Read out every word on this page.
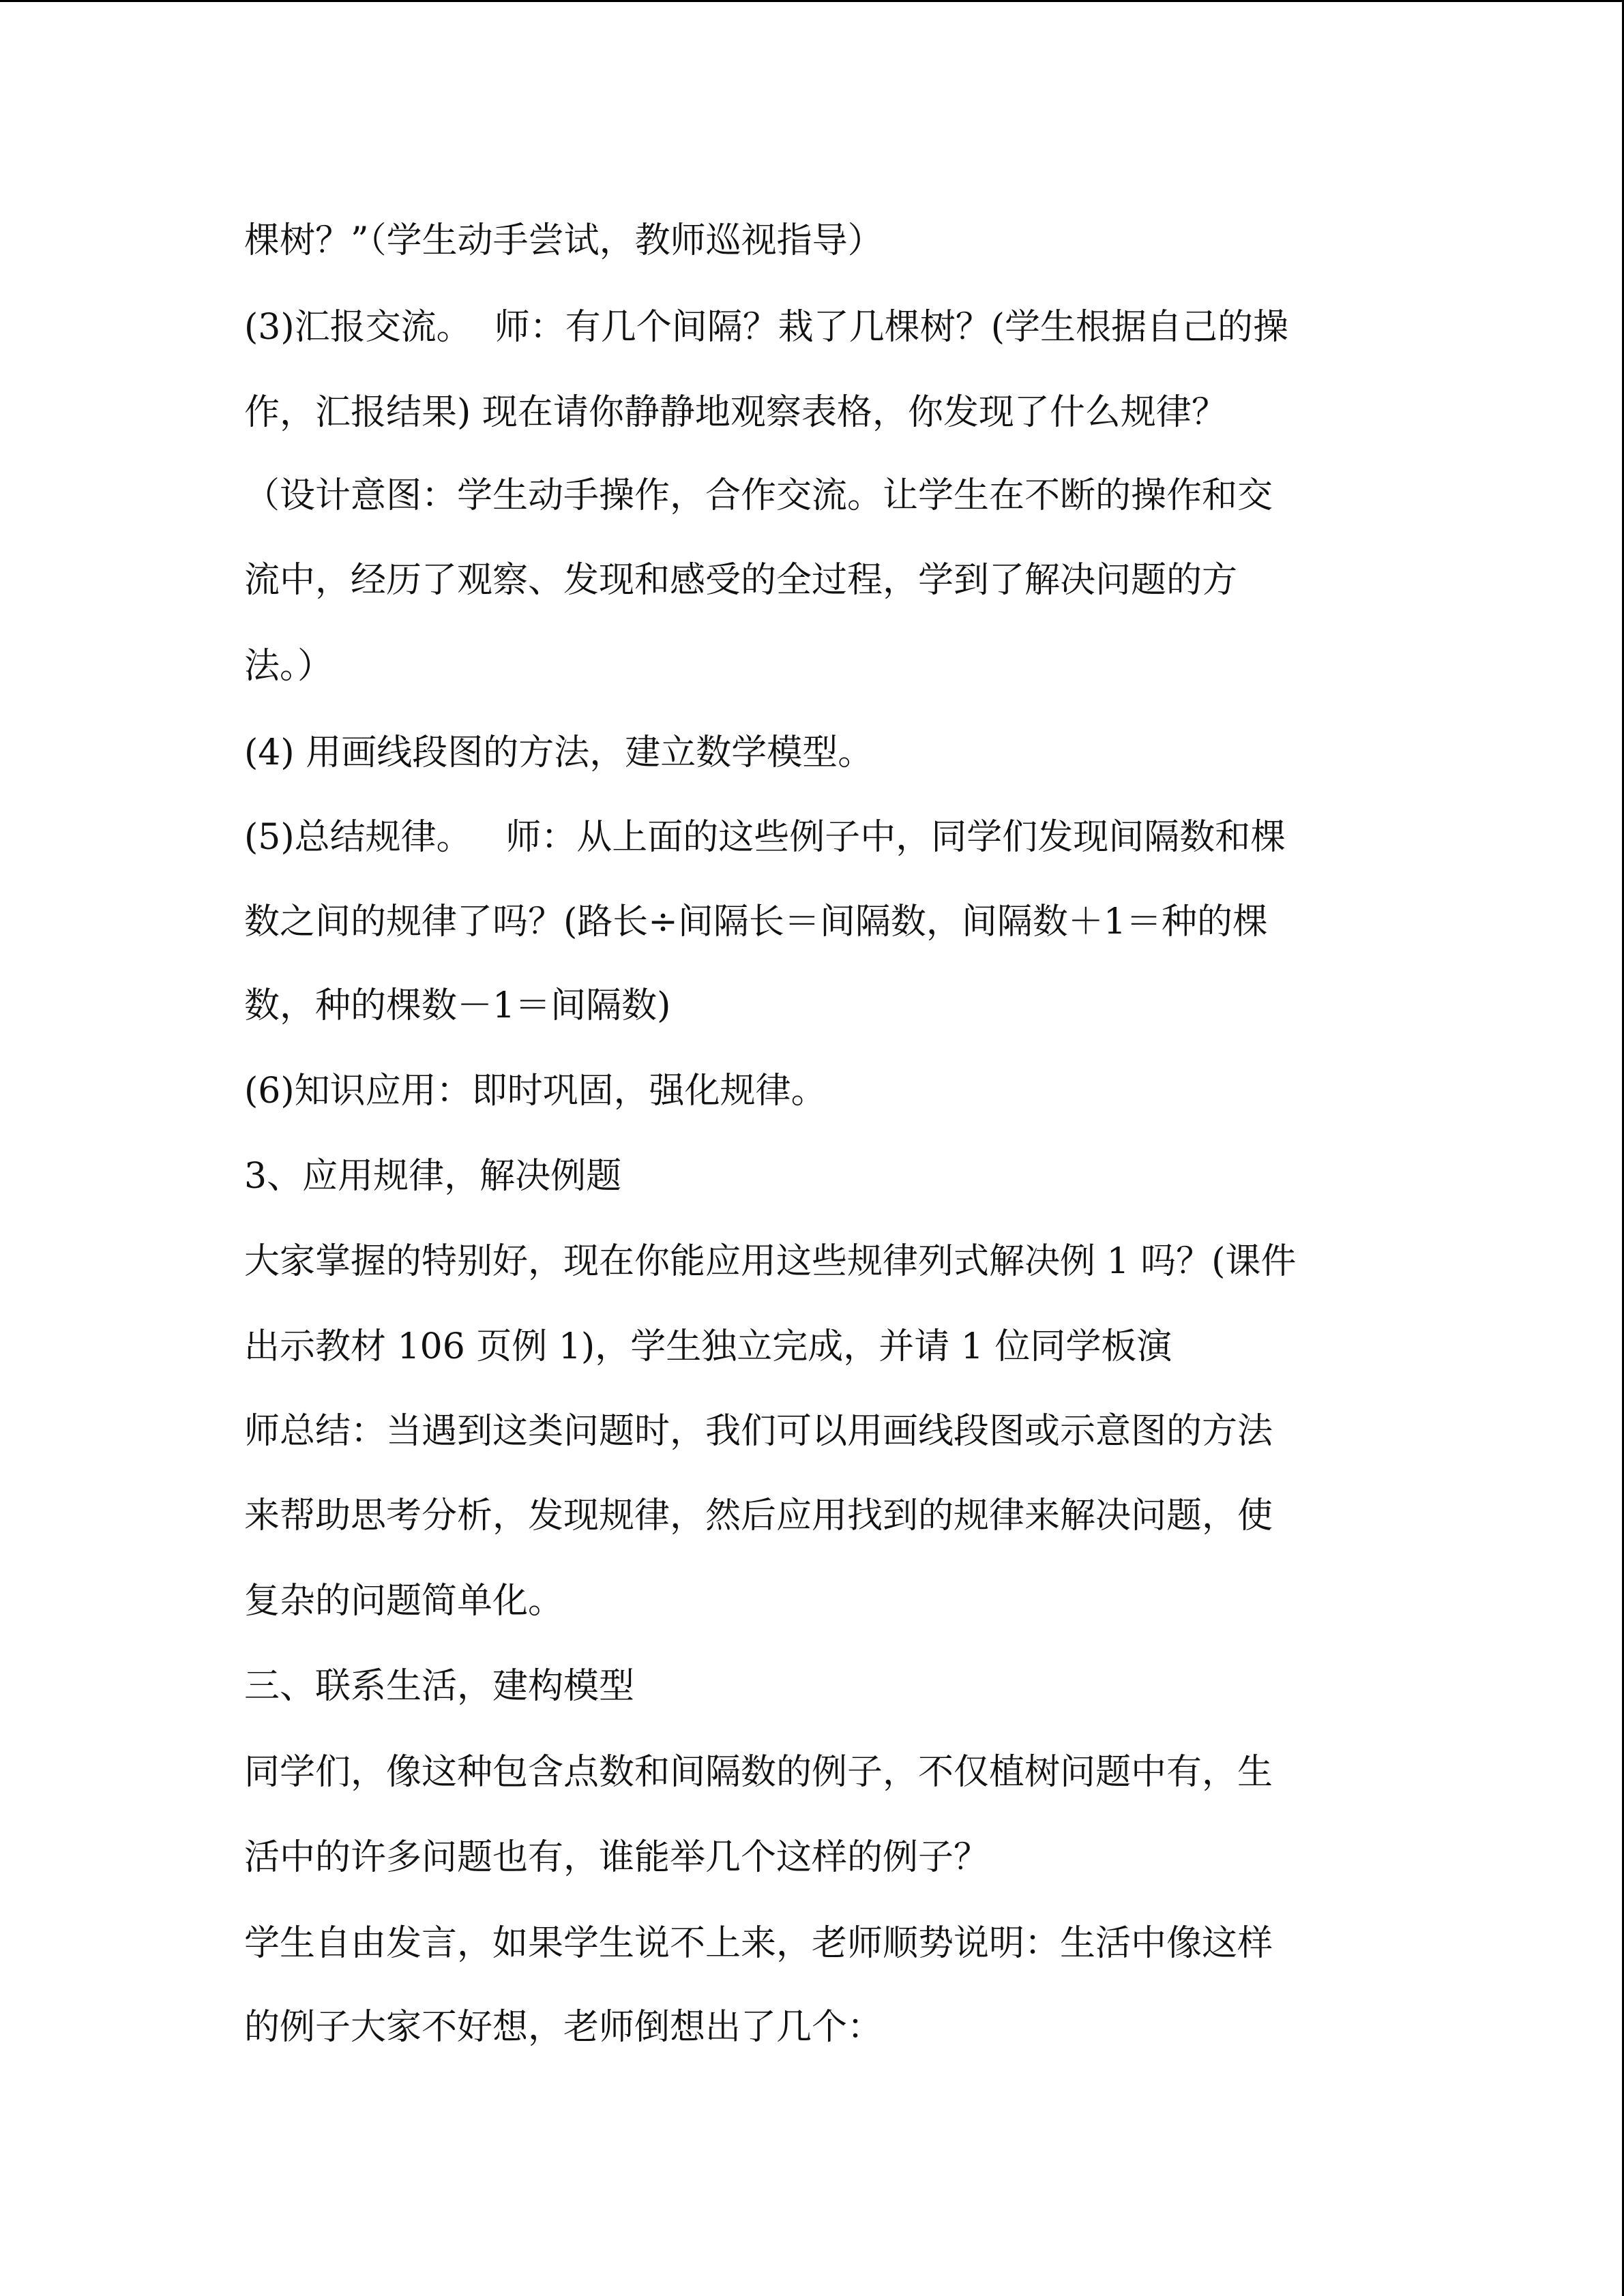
棵树？”（学生动手尝试，教师巡视指导）
(3)汇报交流。  师：有几个间隔？栽了几棵树？(学生根据自己的操
作，汇报结果) 现在请你静静地观察表格，你发现了什么规律？
（设计意图：学生动手操作，合作交流。让学生在不断的操作和交
流中，经历了观察、发现和感受的全过程，学到了解决问题的方
法。）
(4) 用画线段图的方法，建立数学模型。
(5)总结规律。   师：从上面的这些例子中，同学们发现间隔数和棵
数之间的规律了吗？(路长÷间隔长＝间隔数，间隔数＋1＝种的棵
数，种的棵数－1＝间隔数)
(6)知识应用：即时巩固，强化规律。
3、应用规律，解决例题
大家掌握的特别好，现在你能应用这些规律列式解决例 1 吗？(课件
出示教材 106 页例 1)，学生独立完成，并请 1 位同学板演
师总结：当遇到这类问题时，我们可以用画线段图或示意图的方法
来帮助思考分析，发现规律，然后应用找到的规律来解决问题，使
复杂的问题简单化。
三、联系生活，建构模型
同学们，像这种包含点数和间隔数的例子，不仅植树问题中有，生
活中的许多问题也有，谁能举几个这样的例子？
学生自由发言，如果学生说不上来，老师顺势说明：生活中像这样
的例子大家不好想，老师倒想出了几个：
